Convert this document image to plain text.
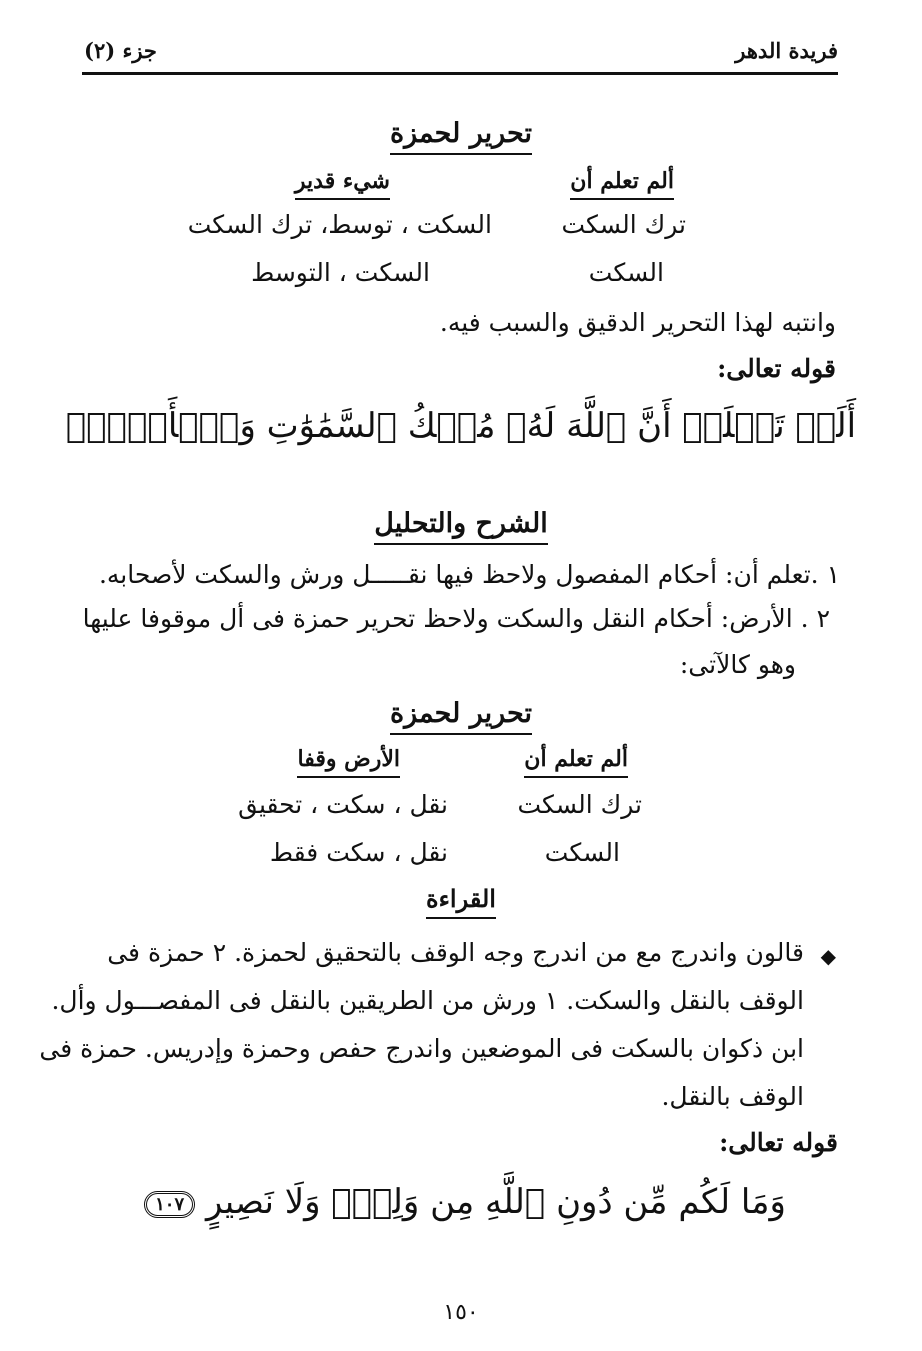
فريدة الدهر
جزء (٢)
تحرير لحمزة
ألم تعلم أن
شيء قدير
ترك السكت
السكت ، توسط، ترك السكت
السكت
السكت ، التوسط
وانتبه لهذا التحرير الدقيق والسبب فيه.
قوله تعالى:
أَلَمۡ تَعۡلَمۡ أَنَّ ٱللَّهَ لَهُۥ مُلۡكُ ٱلسَّمَٰوَٰتِ وَٱلۡأَرۡضِۗ
الشرح والتحليل
١ .تعلم أن: أحكام المفصول ولاحظ فيها نقـــــل ورش والسكت لأصحابه.
٢ . الأرض: أحكام النقل والسكت ولاحظ تحرير حمزة فى أل موقوفا عليها
وهو كالآتى:
تحرير لحمزة
ألم تعلم أن
الأرض وقفا
ترك السكت
نقل ، سكت ، تحقيق
السكت
نقل ، سكت فقط
القراءة
◆
قالون واندرج مع من اندرج وجه الوقف بالتحقيق لحمزة. ٢ حمزة فى
الوقف بالنقل والسكت. ١ ورش من الطريقين بالنقل فى المفصـــول وأل.
ابن ذكوان بالسكت فى الموضعين واندرج حفص وحمزة وإدريس. حمزة فى
الوقف بالنقل.
قوله تعالى:
وَمَا لَكُم مِّن دُونِ ٱللَّهِ مِن وَلِيّٖ وَلَا نَصِيرٍ ١٠٧
١٥٠
